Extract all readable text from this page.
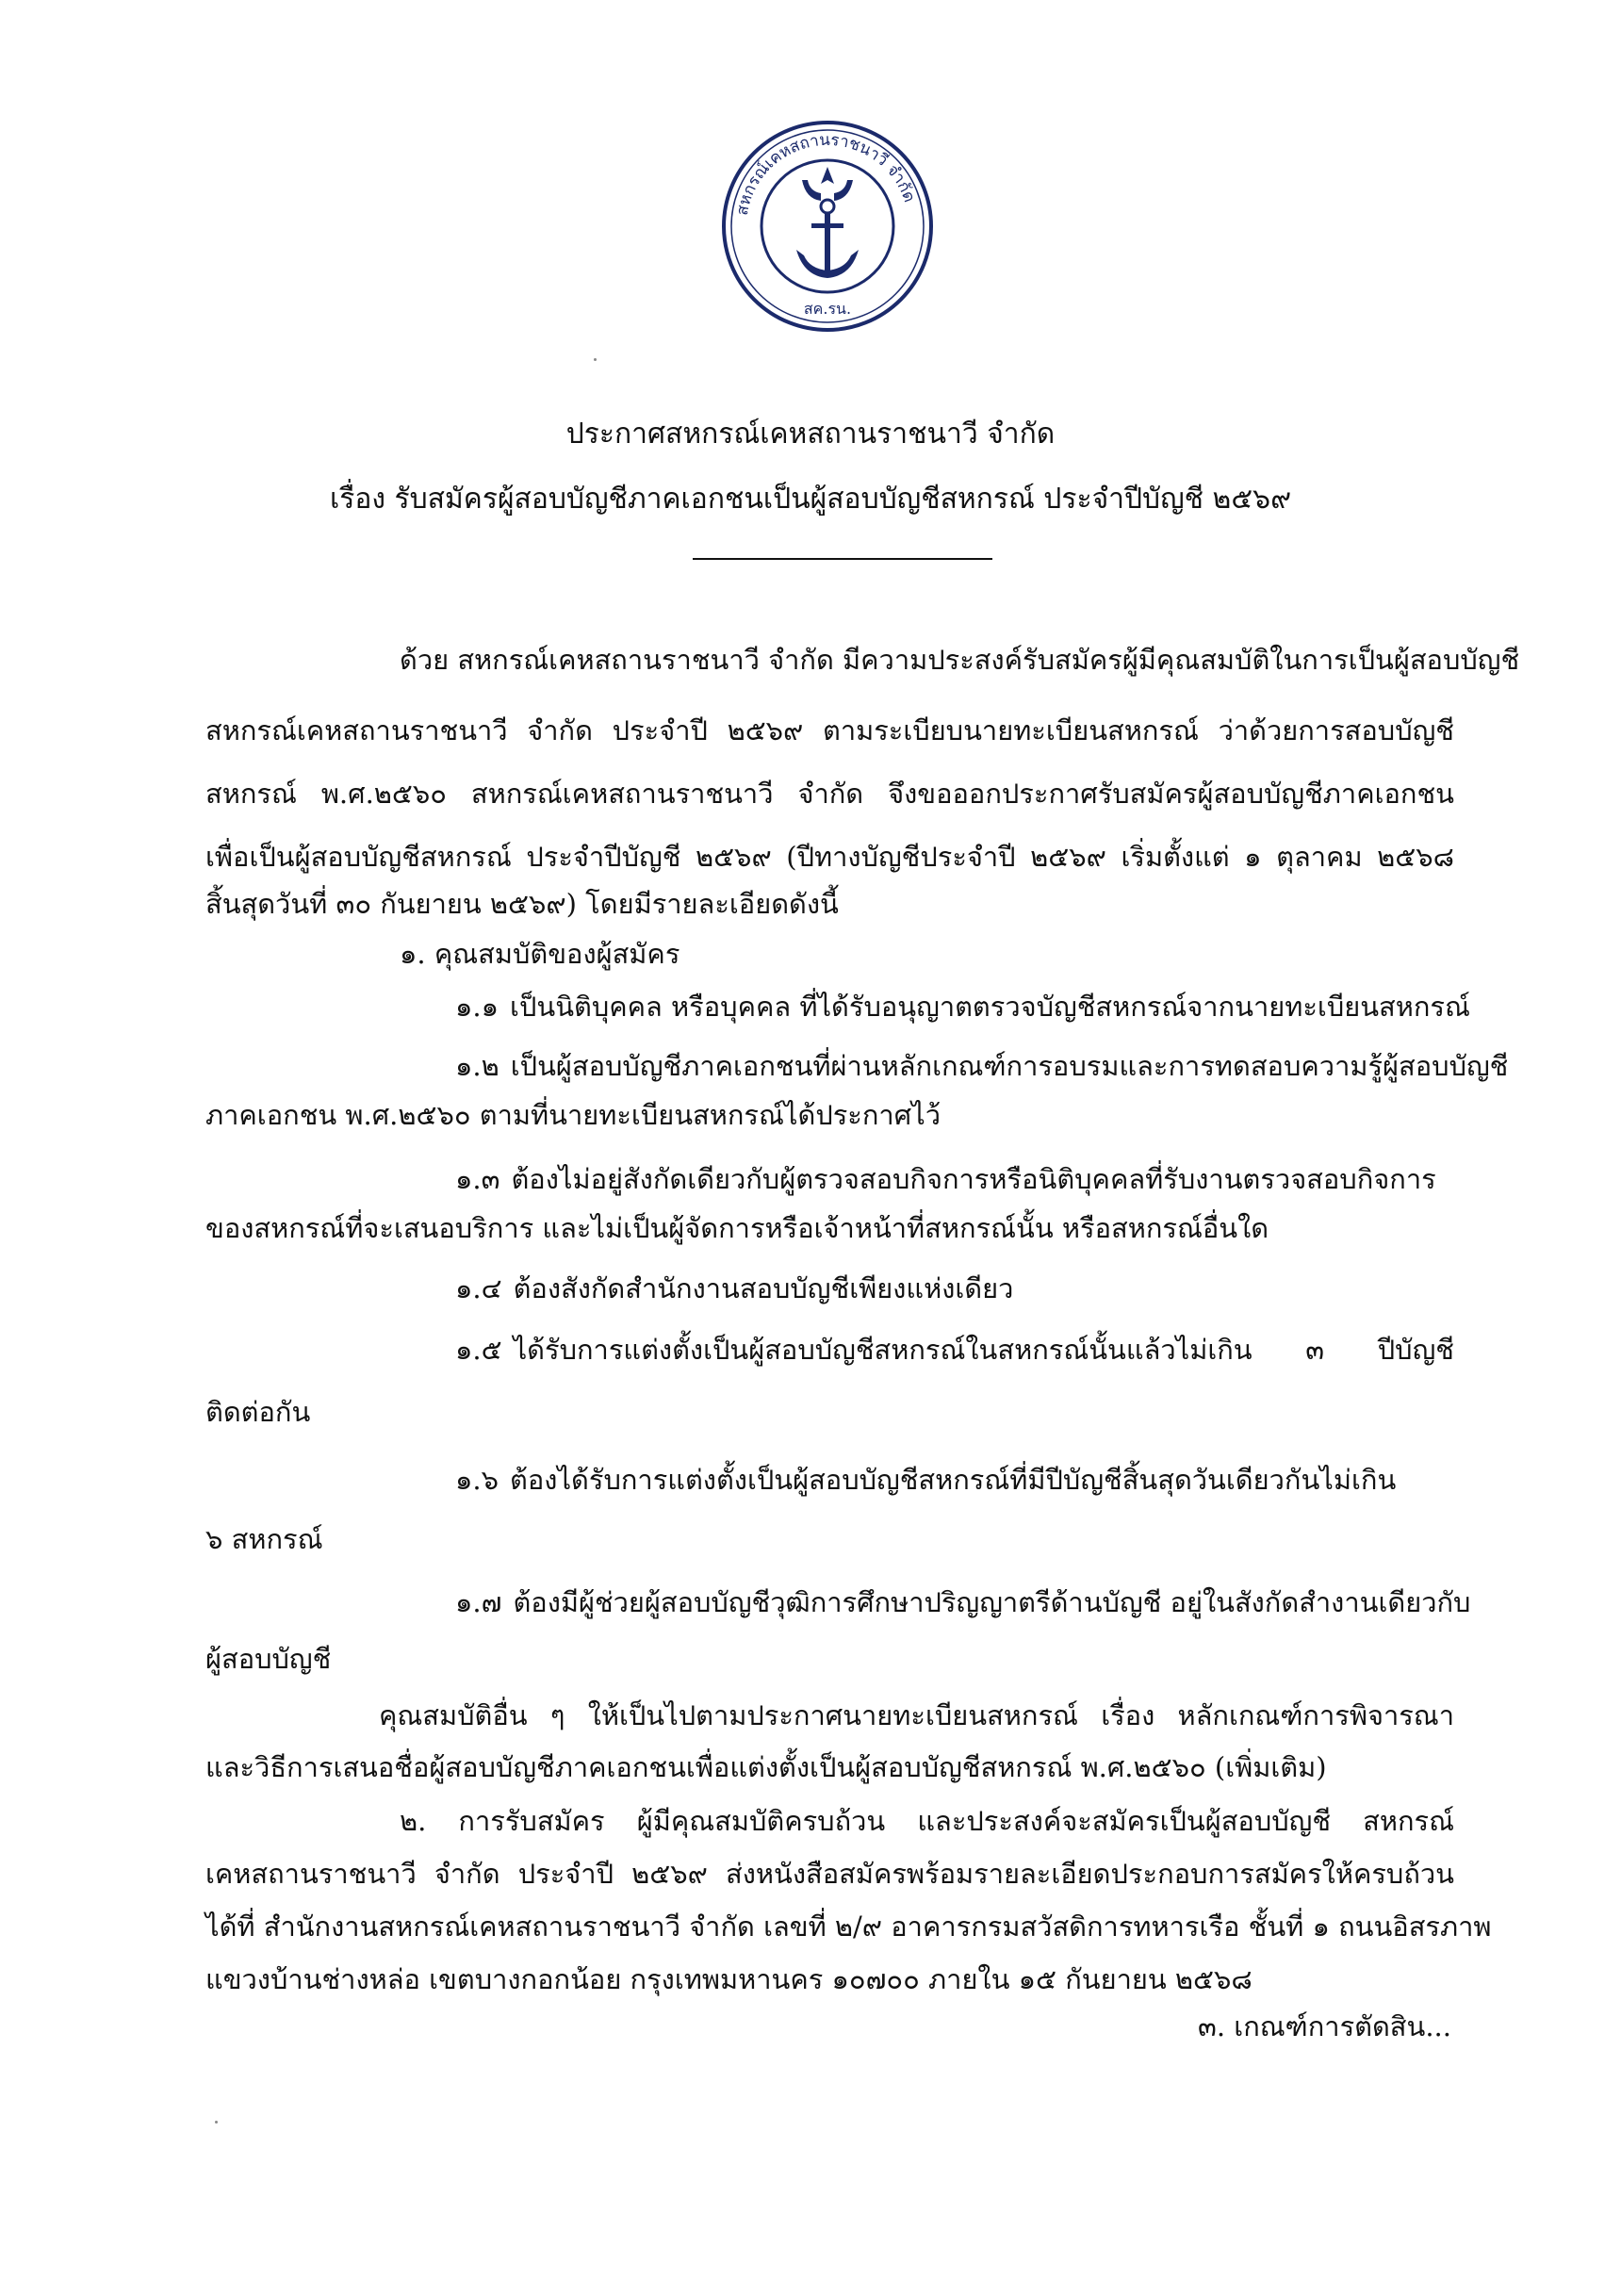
สหกรณ์เคหสถานราชนาวี จำกัด
สค.รน.
ประกาศสหกรณ์เคหสถานราชนาวี จำกัด
เรื่อง รับสมัครผู้สอบบัญชีภาคเอกชนเป็นผู้สอบบัญชีสหกรณ์ ประจำปีบัญชี ๒๕๖๙
ด้วย สหกรณ์เคหสถานราชนาวี จำกัด มีความประสงค์รับสมัครผู้มีคุณสมบัติในการเป็นผู้สอบบัญชี
สหกรณ์เคหสถานราชนาวี จำกัด ประจำปี ๒๕๖๙ ตามระเบียบนายทะเบียนสหกรณ์ ว่าด้วยการสอบบัญชี
สหกรณ์ พ.ศ.๒๕๖๐ สหกรณ์เคหสถานราชนาวี จำกัด จึงขอออกประกาศรับสมัครผู้สอบบัญชีภาคเอกชน
เพื่อเป็นผู้สอบบัญชีสหกรณ์ ประจำปีบัญชี ๒๕๖๙ (ปีทางบัญชีประจำปี ๒๕๖๙ เริ่มตั้งแต่ ๑ ตุลาคม ๒๕๖๘
สิ้นสุดวันที่ ๓๐ กันยายน ๒๕๖๙) โดยมีรายละเอียดดังนี้
๑. คุณสมบัติของผู้สมัคร
๑.๑ เป็นนิติบุคคล หรือบุคคล ที่ได้รับอนุญาตตรวจบัญชีสหกรณ์จากนายทะเบียนสหกรณ์
๑.๒ เป็นผู้สอบบัญชีภาคเอกชนที่ผ่านหลักเกณฑ์การอบรมและการทดสอบความรู้ผู้สอบบัญชี
ภาคเอกชน พ.ศ.๒๕๖๐ ตามที่นายทะเบียนสหกรณ์ได้ประกาศไว้
๑.๓ ต้องไม่อยู่สังกัดเดียวกับผู้ตรวจสอบกิจการหรือนิติบุคคลที่รับงานตรวจสอบกิจการ
ของสหกรณ์ที่จะเสนอบริการ และไม่เป็นผู้จัดการหรือเจ้าหน้าที่สหกรณ์นั้น หรือสหกรณ์อื่นใด
๑.๔ ต้องสังกัดสำนักงานสอบบัญชีเพียงแห่งเดียว
๑.๕ ได้รับการแต่งตั้งเป็นผู้สอบบัญชีสหกรณ์ในสหกรณ์นั้นแล้วไม่เกิน ๓ ปีบัญชี
ติดต่อกัน
๑.๖ ต้องได้รับการแต่งตั้งเป็นผู้สอบบัญชีสหกรณ์ที่มีปีบัญชีสิ้นสุดวันเดียวกันไม่เกิน
๖ สหกรณ์
๑.๗ ต้องมีผู้ช่วยผู้สอบบัญชีวุฒิการศึกษาปริญญาตรีด้านบัญชี อยู่ในสังกัดสำงานเดียวกับ
ผู้สอบบัญชี
คุณสมบัติอื่น ๆ ให้เป็นไปตามประกาศนายทะเบียนสหกรณ์ เรื่อง หลักเกณฑ์การพิจารณา
และวิธีการเสนอชื่อผู้สอบบัญชีภาคเอกชนเพื่อแต่งตั้งเป็นผู้สอบบัญชีสหกรณ์ พ.ศ.๒๕๖๐ (เพิ่มเติม)
๒. การรับสมัคร ผู้มีคุณสมบัติครบถ้วน และประสงค์จะสมัครเป็นผู้สอบบัญชี สหกรณ์
เคหสถานราชนาวี จำกัด ประจำปี ๒๕๖๙ ส่งหนังสือสมัครพร้อมรายละเอียดประกอบการสมัครให้ครบถ้วน
ได้ที่ สำนักงานสหกรณ์เคหสถานราชนาวี จำกัด เลขที่ ๒/๙ อาคารกรมสวัสดิการทหารเรือ ชั้นที่ ๑ ถนนอิสรภาพ
แขวงบ้านช่างหล่อ เขตบางกอกน้อย กรุงเทพมหานคร ๑๐๗๐๐ ภายใน ๑๕ กันยายน ๒๕๖๘
๓. เกณฑ์การตัดสิน...
